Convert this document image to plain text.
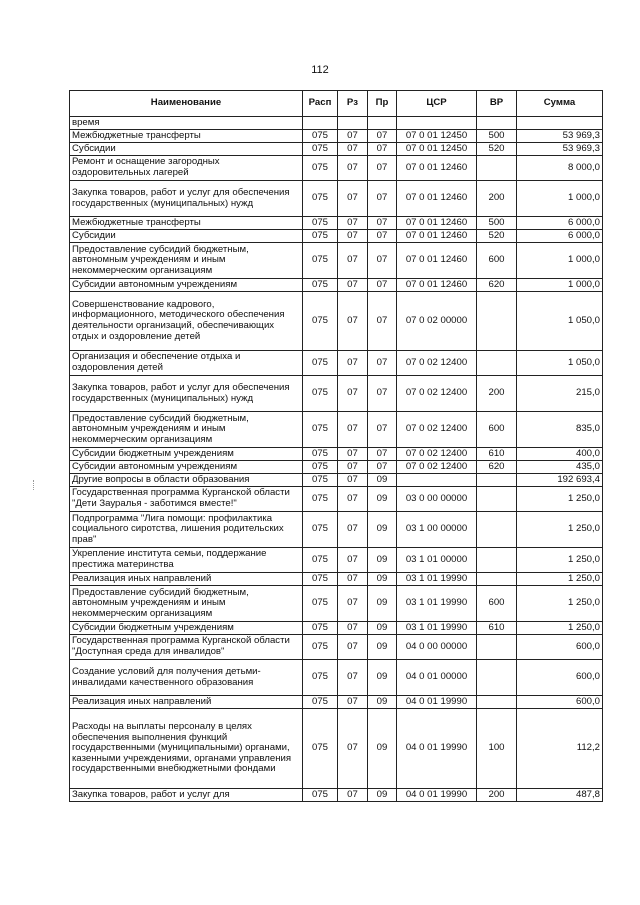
112
Наименование	Расп	Рз	Пр	ЦСР	ВР	Сумма
время						
Межбюджетные трансферты	075	07	07	07 0 01 12450	500	53 969,3
Субсидии	075	07	07	07 0 01 12450	520	53 969,3
Ремонт и оснащение загородных оздоровительных лагерей	075	07	07	07 0 01 12460		8 000,0
Закупка товаров, работ и услуг для обеспечения государственных (муниципальных) нужд	075	07	07	07 0 01 12460	200	1 000,0
Межбюджетные трансферты	075	07	07	07 0 01 12460	500	6 000,0
Субсидии	075	07	07	07 0 01 12460	520	6 000,0
Предоставление субсидий бюджетным, автономным учреждениям и иным некоммерческим организациям	075	07	07	07 0 01 12460	600	1 000,0
Субсидии автономным учреждениям	075	07	07	07 0 01 12460	620	1 000,0
Совершенствование кадрового, информационного, методического обеспечения деятельности организаций, обеспечивающих отдых и оздоровление детей	075	07	07	07 0 02 00000		1 050,0
Организация и обеспечение отдыха и оздоровления детей	075	07	07	07 0 02 12400		1 050,0
Закупка товаров, работ и услуг для обеспечения государственных (муниципальных) нужд	075	07	07	07 0 02 12400	200	215,0
Предоставление субсидий бюджетным, автономным учреждениям и иным некоммерческим организациям	075	07	07	07 0 02 12400	600	835,0
Субсидии бюджетным учреждениям	075	07	07	07 0 02 12400	610	400,0
Субсидии автономным учреждениям	075	07	07	07 0 02 12400	620	435,0
Другие вопросы в области образования	075	07	09			192 693,4
Государственная программа Курганской области "Дети Зауралья - заботимся вместе!"	075	07	09	03 0 00 00000		1 250,0
Подпрограмма "Лига помощи: профилактика социального сиротства, лишения родительских прав"	075	07	09	03 1 00 00000		1 250,0
Укрепление института семьи, поддержание престижа материнства	075	07	09	03 1 01 00000		1 250,0
Реализация иных направлений	075	07	09	03 1 01 19990		1 250,0
Предоставление субсидий бюджетным, автономным учреждениям и иным некоммерческим организациям	075	07	09	03 1 01 19990	600	1 250,0
Субсидии бюджетным учреждениям	075	07	09	03 1 01 19990	610	1 250,0
Государственная программа Курганской области "Доступная среда для инвалидов"	075	07	09	04 0 00 00000		600,0
Создание условий для получения детьми-инвалидами качественного образования	075	07	09	04 0 01 00000		600,0
Реализация иных направлений	075	07	09	04 0 01 19990		600,0
Расходы на выплаты персоналу в целях обеспечения выполнения функций государственными (муниципальными) органами, казенными учреждениями, органами управления государственными внебюджетными фондами	075	07	09	04 0 01 19990	100	112,2
Закупка товаров, работ и услуг для	075	07	09	04 0 01 19990	200	487,8
